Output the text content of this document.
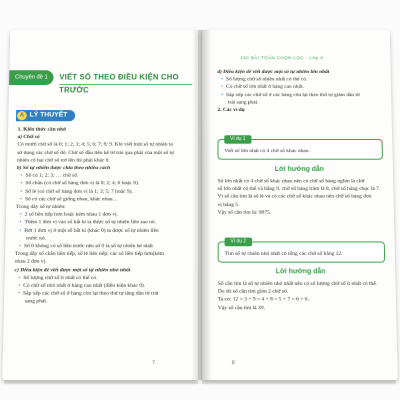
Chuyên đề 1	VIẾT SỐ THEO ĐIỀU KIỆN CHO TRƯỚC
A LÝ THUYẾT

1. Kiến thức cần nhớ

a) Chữ số

Có mười chữ số là 0; 1; 2; 3; 4; 5; 6; 7; 8; 9. Khi viết một số tự nhiên ta

sử dụng các chữ số đó. Chữ số đầu tiên kể từ trái qua phải của một số tự

nhiên có hai chữ số trở lên thì phải khác 0.

b) Số tự nhiên được chia theo nhiều cách

• Số có 1; 2; 3; … chữ số.

• Số chẵn (có chữ số hàng đơn vị là 0; 2; 4; 6 hoặc 8).

• Số lẻ (có chữ số hàng đơn vị là 1; 3; 5; 7 hoặc 9).

• Số có các chữ số giống nhau, khác nhau…

Trong dãy số tự nhiên:

• 2 số liền tiếp hơn hoặc kém nhau 1 đơn vị.

• Thêm 1 đơn vị vào số bất kì ta được số tự nhiên liền sau nó.

• Bớt 1 đơn vị ở một số bất kì (khác 0) ta được số tự nhiên liền

trước nó.

• Số 0 không có số liền trước nên số 0 là số tự nhiên bé nhất.

Trong dãy số chẵn liên tiếp, số lẻ liên tiếp: các số liền tiếp hơn(kém

nhau 2 đơn vị.

c) Điều kiện để viết được một số tự nhiên nhỏ nhất

• Số lượng chữ số ít nhất có thể có.

• Có chữ số nhỏ nhất ở hàng cao nhất (điều kiện khác 0).

• Sắp xếp các chữ số ở hàng còn lại theo thứ tự tăng dần từ trái

sang phải.

7
230 BÀI TOÁN CHỌN LỌC - Lớp 4

d) Điều kiện để viết được một số tự nhiên lớn nhất

• Số lượng chữ số nhiều nhất có thể có.

• Có chữ số lớn nhất ở hàng cao nhất.

• Sắp xếp các chữ số ở các hàng còn lại theo thứ tự giảm dần từ

trái sang phải.

2. Các ví dụ

Ví dụ 1
Viết số lớn nhất có 4 chữ số khác nhau.
Lời hướng dẫn

Số lớn nhất có 4 chữ số khác nhau nên có chữ số hàng nghìn là chữ

số lớn nhất có thể và bằng 9, chữ số hàng trăm là 8, chữ số hàng chục là 7.

Vì số cần tìm là số lẻ và có các chữ số khác nhau nên chữ số hàng đơn

vị bằng 5.

Vậy số cần tìm là: 9875.

Ví dụ 2
Tìm số tự nhiên nhỏ nhất có tổng các chữ số bằng 12.
Lời hướng dẫn

Số cần tìm là số tự nhiên nhỏ nhất nên có số lượng chữ số ít nhất có thể.

Do đó số cần tìm gồm 2 chữ số.

Ta có: 12 = 3 + 9 = 4 + 8 = 5 + 7 = 6 + 6.

Vậy số cần tìm là 39.

8
